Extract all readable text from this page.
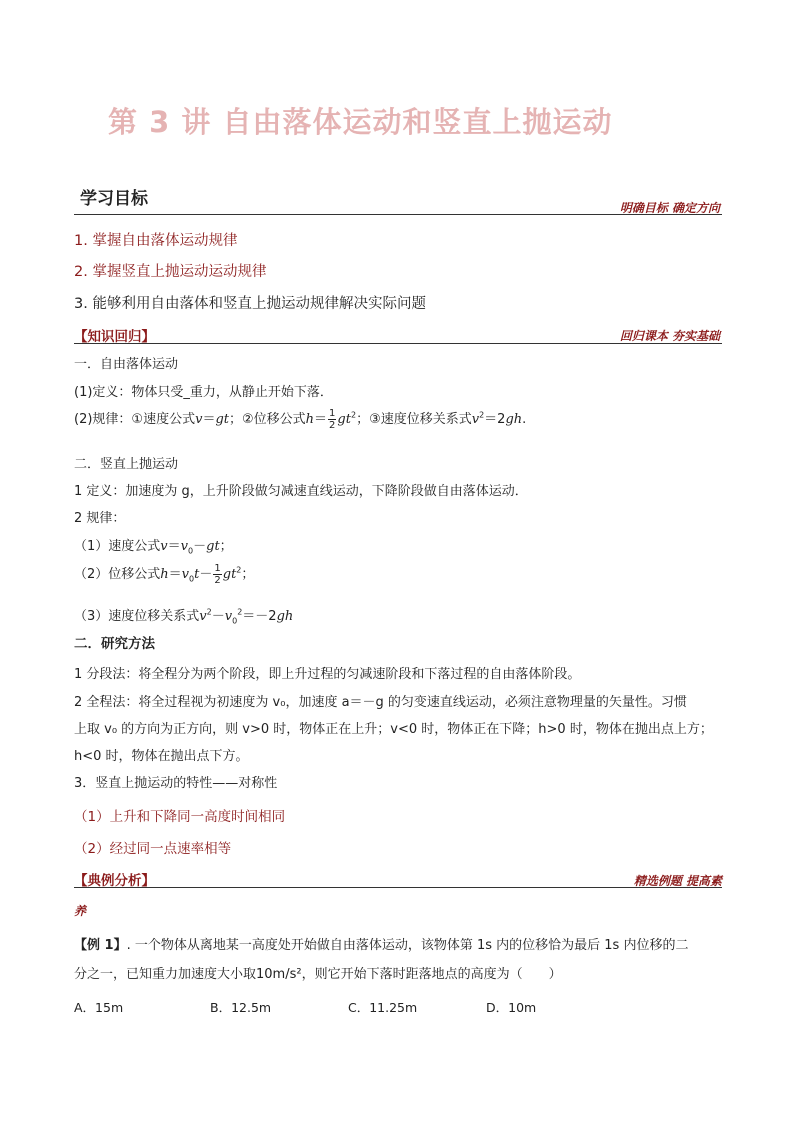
第 3 讲 自由落体运动和竖直上抛运动
学习目标	明确目标 确定方向
1. 掌握自由落体运动规律
2. 掌握竖直上抛运动运动规律
3. 能够利用自由落体和竖直上抛运动规律解决实际问题
【知识回归】	回归课本 夯实基础
一．自由落体运动
(1)定义：物体只受_重力，从静止开始下落．
(2)规律：①速度公式v＝gt；②位移公式$h= \frac{1}{2} gt^2$；③速度位移关系式$v^2=2gh$.
二．竖直上抛运动
1 定义：加速度为 g，上升阶段做匀减速直线运动，下降阶段做自由落体运动．
2 规律：
（1）速度公式$v=v_0-gt$；
（2）位移公式$h=v_0t- \frac{1}{2} gt^2$；
（3）速度位移关系式$v^2-v_0^2=-2gh$
二．研究方法
1 分段法：将全程分为两个阶段，即上升过程的匀减速阶段和下落过程的自由落体阶段。
2 全程法：将全过程视为初速度为 v₀，加速度 a＝－g 的匀变速直线运动，必须注意物理量的矢量性。习惯
上取 v₀ 的方向为正方向，则 v>0 时，物体正在上升；v<0 时，物体正在下降；h>0 时，物体在抛出点上方；
h<0 时，物体在抛出点下方。
3．竖直上抛运动的特性——对称性
（1）上升和下降同一高度时间相同
（2）经过同一点速率相等
【典例分析】	精选例题 提高素
养
【例 1】. 一个物体从离地某一高度处开始做自由落体运动，该物体第 1s 内的位移恰为最后 1s 内位移的二
分之一，已知重力加速度大小取10m/s²，则它开始下落时距落地点的高度为（　　）
A．15m	B．12.5m	C．11.25m	D．10m
